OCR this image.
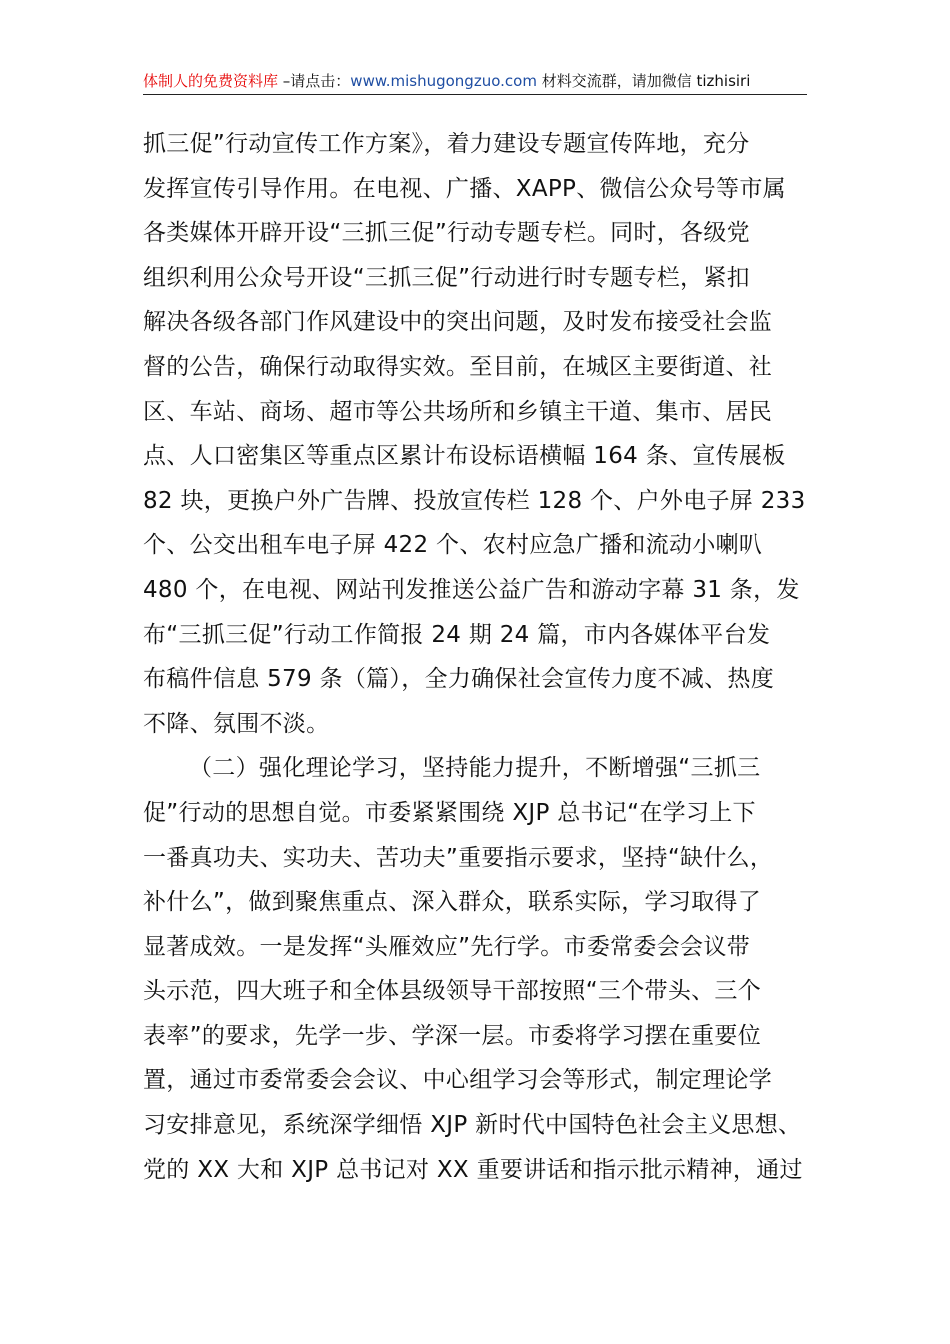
体制人的免费资料库 –请点击：www.mishugongzuo.com 材料交流群，请加微信 tizhisiri
抓三促”行动宣传工作方案》，着力建设专题宣传阵地，充分
发挥宣传引导作用。在电视、广播、XAPP、微信公众号等市属
各类媒体开辟开设“三抓三促”行动专题专栏。同时，各级党
组织利用公众号开设“三抓三促”行动进行时专题专栏，紧扣
解决各级各部门作风建设中的突出问题，及时发布接受社会监
督的公告，确保行动取得实效。至目前，在城区主要街道、社
区、车站、商场、超市等公共场所和乡镇主干道、集市、居民
点、人口密集区等重点区累计布设标语横幅 164 条、宣传展板
82 块，更换户外广告牌、投放宣传栏 128 个、户外电子屏 233
个、公交出租车电子屏 422 个、农村应急广播和流动小喇叭
480 个，在电视、网站刊发推送公益广告和游动字幕 31 条，发
布“三抓三促”行动工作简报 24 期 24 篇，市内各媒体平台发
布稿件信息 579 条（篇），全力确保社会宣传力度不减、热度
不降、氛围不淡。
（二）强化理论学习，坚持能力提升，不断增强“三抓三
促”行动的思想自觉。市委紧紧围绕 XJP 总书记“在学习上下
一番真功夫、实功夫、苦功夫”重要指示要求，坚持“缺什么，
补什么”，做到聚焦重点、深入群众，联系实际，学习取得了
显著成效。一是发挥“头雁效应”先行学。市委常委会会议带
头示范，四大班子和全体县级领导干部按照“三个带头、三个
表率”的要求，先学一步、学深一层。市委将学习摆在重要位
置，通过市委常委会会议、中心组学习会等形式，制定理论学
习安排意见，系统深学细悟 XJP 新时代中国特色社会主义思想、
党的 XX 大和 XJP 总书记对 XX 重要讲话和指示批示精神，通过
